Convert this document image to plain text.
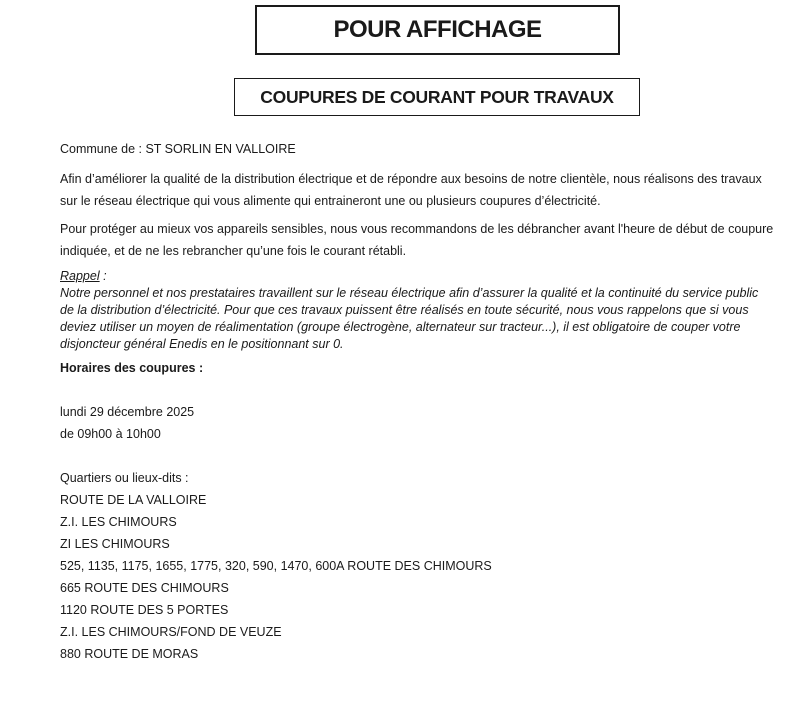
POUR AFFICHAGE
COUPURES DE COURANT POUR TRAVAUX

Commune de : ST SORLIN EN VALLOIRE

Afin d’améliorer la qualité de la distribution électrique et de répondre aux besoins de notre clientèle, nous réalisons des travaux
sur le réseau électrique qui vous alimente qui entraineront une ou plusieurs coupures d’électricité.

Pour protéger au mieux vos appareils sensibles, nous vous recommandons de les débrancher avant l'heure de début de coupure
indiquée, et de ne les rebrancher qu’une fois le courant rétabli.

Rappel :
Notre personnel et nos prestataires travaillent sur le réseau électrique afin d’assurer la qualité et la continuité du service public
de la distribution d’électricité. Pour que ces travaux puissent être réalisés en toute sécurité, nous vous rappelons que si vous
deviez utiliser un moyen de réalimentation (groupe électrogène, alternateur sur tracteur...), il est obligatoire de couper votre
disjoncteur général Enedis en le positionnant sur 0.

Horaires des coupures :

lundi 29 décembre 2025
de 09h00 à 10h00

Quartiers ou lieux-dits :

ROUTE DE LA VALLOIRE
Z.I. LES CHIMOURS
ZI LES CHIMOURS
525, 1135, 1175, 1655, 1775, 320, 590, 1470, 600A ROUTE DES CHIMOURS
665 ROUTE DES CHIMOURS
1120 ROUTE DES 5 PORTES
Z.I. LES CHIMOURS/FOND DE VEUZE
880 ROUTE DE MORAS
